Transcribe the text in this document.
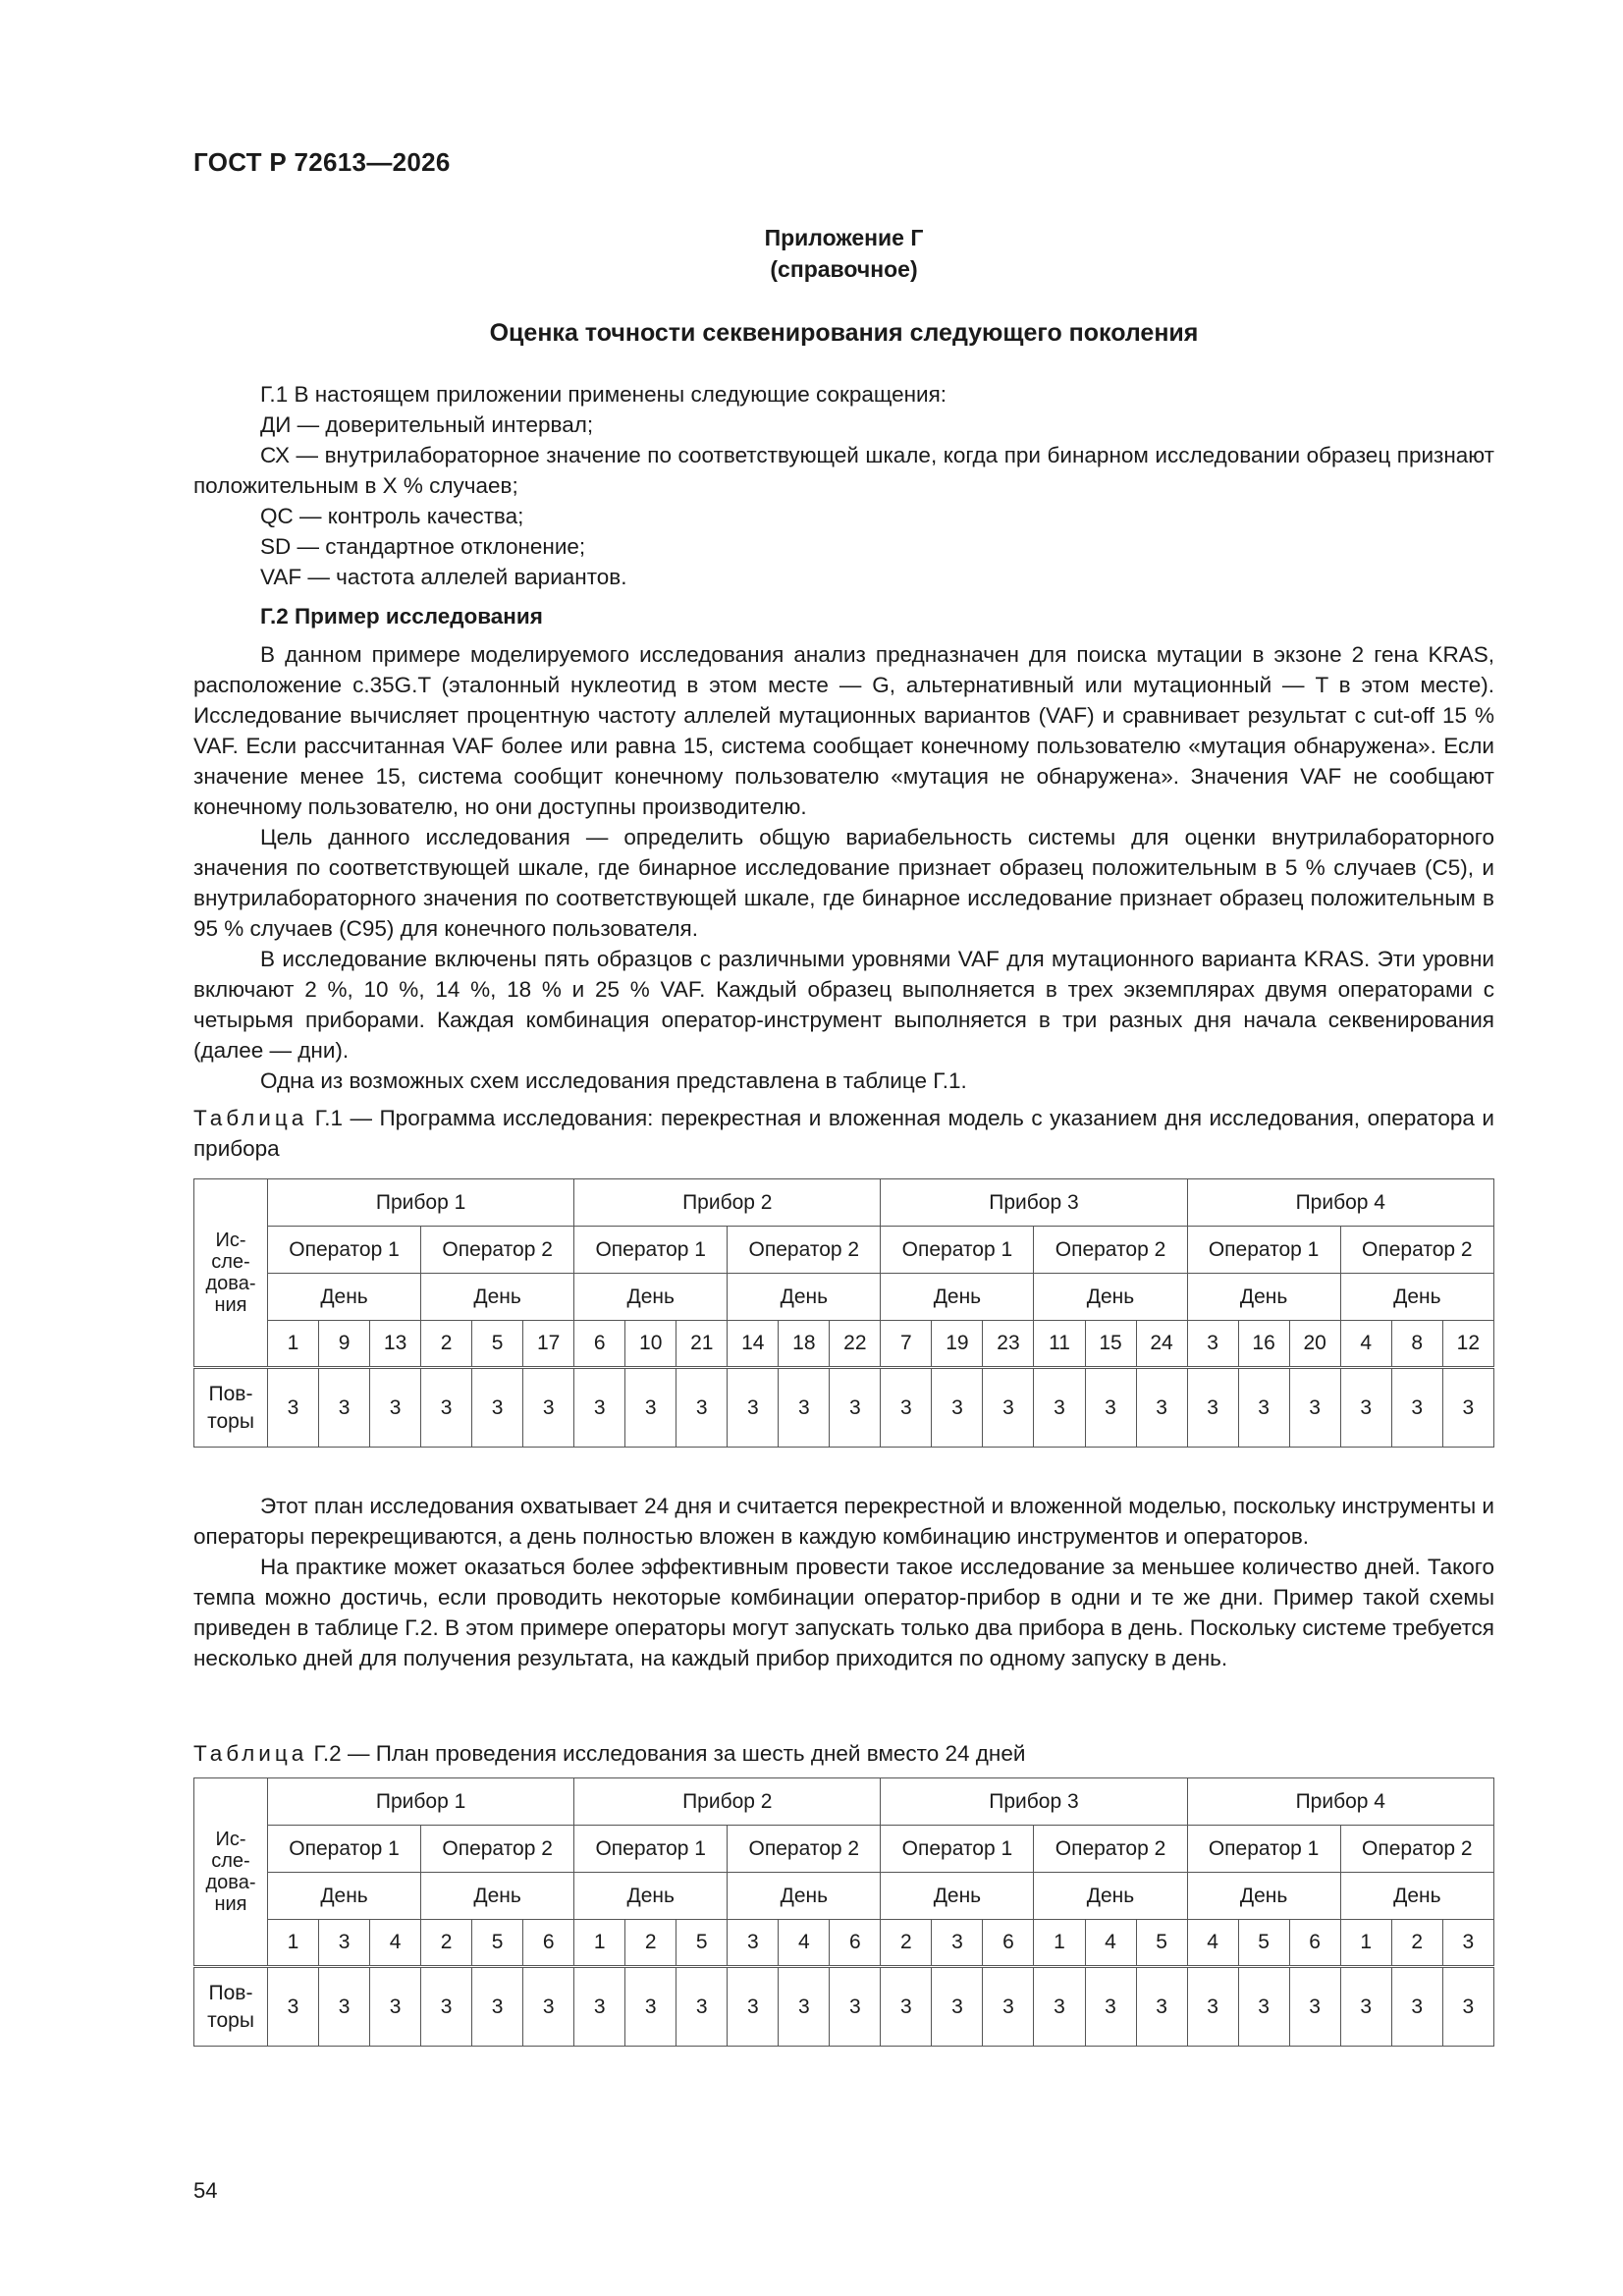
ГОСТ Р 72613—2026
Приложение Г
(справочное)
Оценка точности секвенирования следующего поколения
Г.1 В настоящем приложении применены следующие сокращения:
ДИ — доверительный интервал;
СХ — внутрилабораторное значение по соответствующей шкале, когда при бинарном исследовании образец признают положительным в X % случаев;
QC — контроль качества;
SD — стандартное отклонение;
VAF — частота аллелей вариантов.
Г.2 Пример исследования
В данном примере моделируемого исследования анализ предназначен для поиска мутации в экзоне 2 гена KRAS, расположение c.35G.T (эталонный нуклеотид в этом месте — G, альтернативный или мутационный — T в этом месте). Исследование вычисляет процентную частоту аллелей мутационных вариантов (VAF) и сравнивает результат с cut-off 15 % VAF. Если рассчитанная VAF более или равна 15, система сообщает конечному пользователю «мутация обнаружена». Если значение менее 15, система сообщит конечному пользователю «мутация не обнаружена». Значения VAF не сообщают конечному пользователю, но они доступны производителю.
Цель данного исследования — определить общую вариабельность системы для оценки внутрилабораторного значения по соответствующей шкале, где бинарное исследование признает образец положительным в 5 % случаев (С5), и внутрилабораторного значения по соответствующей шкале, где бинарное исследование признает образец положительным в 95 % случаев (С95) для конечного пользователя.
В исследование включены пять образцов с различными уровнями VAF для мутационного варианта KRAS. Эти уровни включают 2 %, 10 %, 14 %, 18 % и 25 % VAF. Каждый образец выполняется в трех экземплярах двумя операторами с четырьмя приборами. Каждая комбинация оператор-инструмент выполняется в три разных дня начала секвенирования (далее — дни).
Одна из возможных схем исследования представлена в таблице Г.1.
Таблица Г.1 — Программа исследования: перекрестная и вложенная модель с указанием дня исследования, оператора и прибора
Ис-
сле-
дова-
ния	Прибор 1						Прибор 2						Прибор 3						Прибор 4					
	Оператор 1			Оператор 2			Оператор 1			Оператор 2			Оператор 1			Оператор 2			Оператор 1			Оператор 2		
	День			День			День			День			День			День			День			День		
	1	9	13	2	5	17	6	10	21	14	18	22	7	19	23	11	15	24	3	16	20	4	8	12
Пов-
торы	3	3	3	3	3	3	3	3	3	3	3	3	3	3	3	3	3	3	3	3	3	3	3	3
Этот план исследования охватывает 24 дня и считается перекрестной и вложенной моделью, поскольку инструменты и операторы перекрещиваются, а день полностью вложен в каждую комбинацию инструментов и операторов.
На практике может оказаться более эффективным провести такое исследование за меньшее количество дней. Такого темпа можно достичь, если проводить некоторые комбинации оператор-прибор в одни и те же дни. Пример такой схемы приведен в таблице Г.2. В этом примере операторы могут запускать только два прибора в день. Поскольку системе требуется несколько дней для получения результата, на каждый прибор приходится по одному запуску в день.
Таблица Г.2 — План проведения исследования за шесть дней вместо 24 дней
Ис-
сле-
дова-
ния	Прибор 1						Прибор 2						Прибор 3						Прибор 4					
	Оператор 1			Оператор 2			Оператор 1			Оператор 2			Оператор 1			Оператор 2			Оператор 1			Оператор 2		
	День			День			День			День			День			День			День			День		
	1	3	4	2	5	6	1	2	5	3	4	6	2	3	6	1	4	5	4	5	6	1	2	3
Пов-
торы	3	3	3	3	3	3	3	3	3	3	3	3	3	3	3	3	3	3	3	3	3	3	3	3
54
